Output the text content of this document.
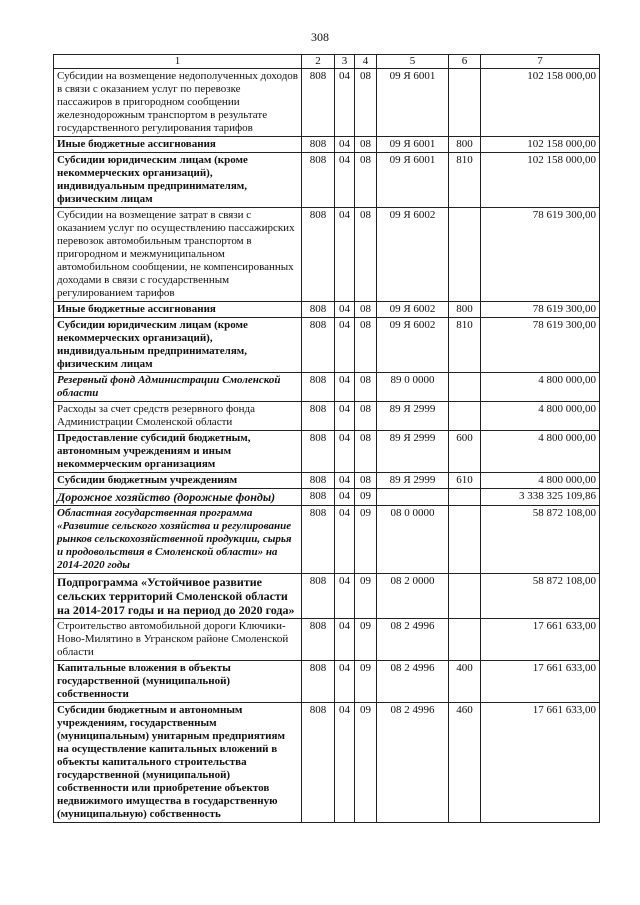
308
1	2	3	4	5	6	7
Субсидии на возмещение недополученных доходов в связи с оказанием услуг по перевозке пассажиров в пригородном сообщении железнодорожным транспортом в результате государственного регулирования тарифов	808	04	08	09 Я 6001		102 158 000,00
Иные бюджетные ассигнования	808	04	08	09 Я 6001	800	102 158 000,00
Субсидии юридическим лицам (кроме некоммерческих организаций), индивидуальным предпринимателям, физическим лицам	808	04	08	09 Я 6001	810	102 158 000,00
Субсидии на возмещение затрат в связи с оказанием услуг по осуществлению пассажирских перевозок автомобильным транспортом в пригородном и межмуниципальном автомобильном сообщении, не компенсированных доходами в связи с государственным регулированием тарифов	808	04	08	09 Я 6002		78 619 300,00
Иные бюджетные ассигнования	808	04	08	09 Я 6002	800	78 619 300,00
Субсидии юридическим лицам (кроме некоммерческих организаций), индивидуальным предпринимателям, физическим лицам	808	04	08	09 Я 6002	810	78 619 300,00
Резервный фонд Администрации Смоленской области	808	04	08	89 0 0000		4 800 000,00
Расходы за счет средств резервного фонда Администрации Смоленской области	808	04	08	89 Я 2999		4 800 000,00
Предоставление субсидий бюджетным, автономным учреждениям и иным некоммерческим организациям	808	04	08	89 Я 2999	600	4 800 000,00
Субсидии бюджетным учреждениям	808	04	08	89 Я 2999	610	4 800 000,00
Дорожное хозяйство (дорожные фонды)	808	04	09			3 338 325 109,86
Областная государственная программа «Развитие сельского хозяйства и регулирование рынков сельскохозяйственной продукции, сырья и продовольствия в Смоленской области» на 2014-2020 годы	808	04	09	08 0 0000		58 872 108,00
Подпрограмма «Устойчивое развитие сельских территорий Смоленской области на 2014-2017 годы и на период до 2020 года»	808	04	09	08 2 0000		58 872 108,00
Строительство автомобильной дороги Ключики-Ново-Милятино в Угранском районе Смоленской области	808	04	09	08 2 4996		17 661 633,00
Капитальные вложения в объекты государственной (муниципальной) собственности	808	04	09	08 2 4996	400	17 661 633,00
Субсидии бюджетным и автономным учреждениям, государственным (муниципальным) унитарным предприятиям на осуществление капитальных вложений в объекты капитального строительства государственной (муниципальной) собственности или приобретение объектов недвижимого имущества в государственную (муниципальную) собственность	808	04	09	08 2 4996	460	17 661 633,00
